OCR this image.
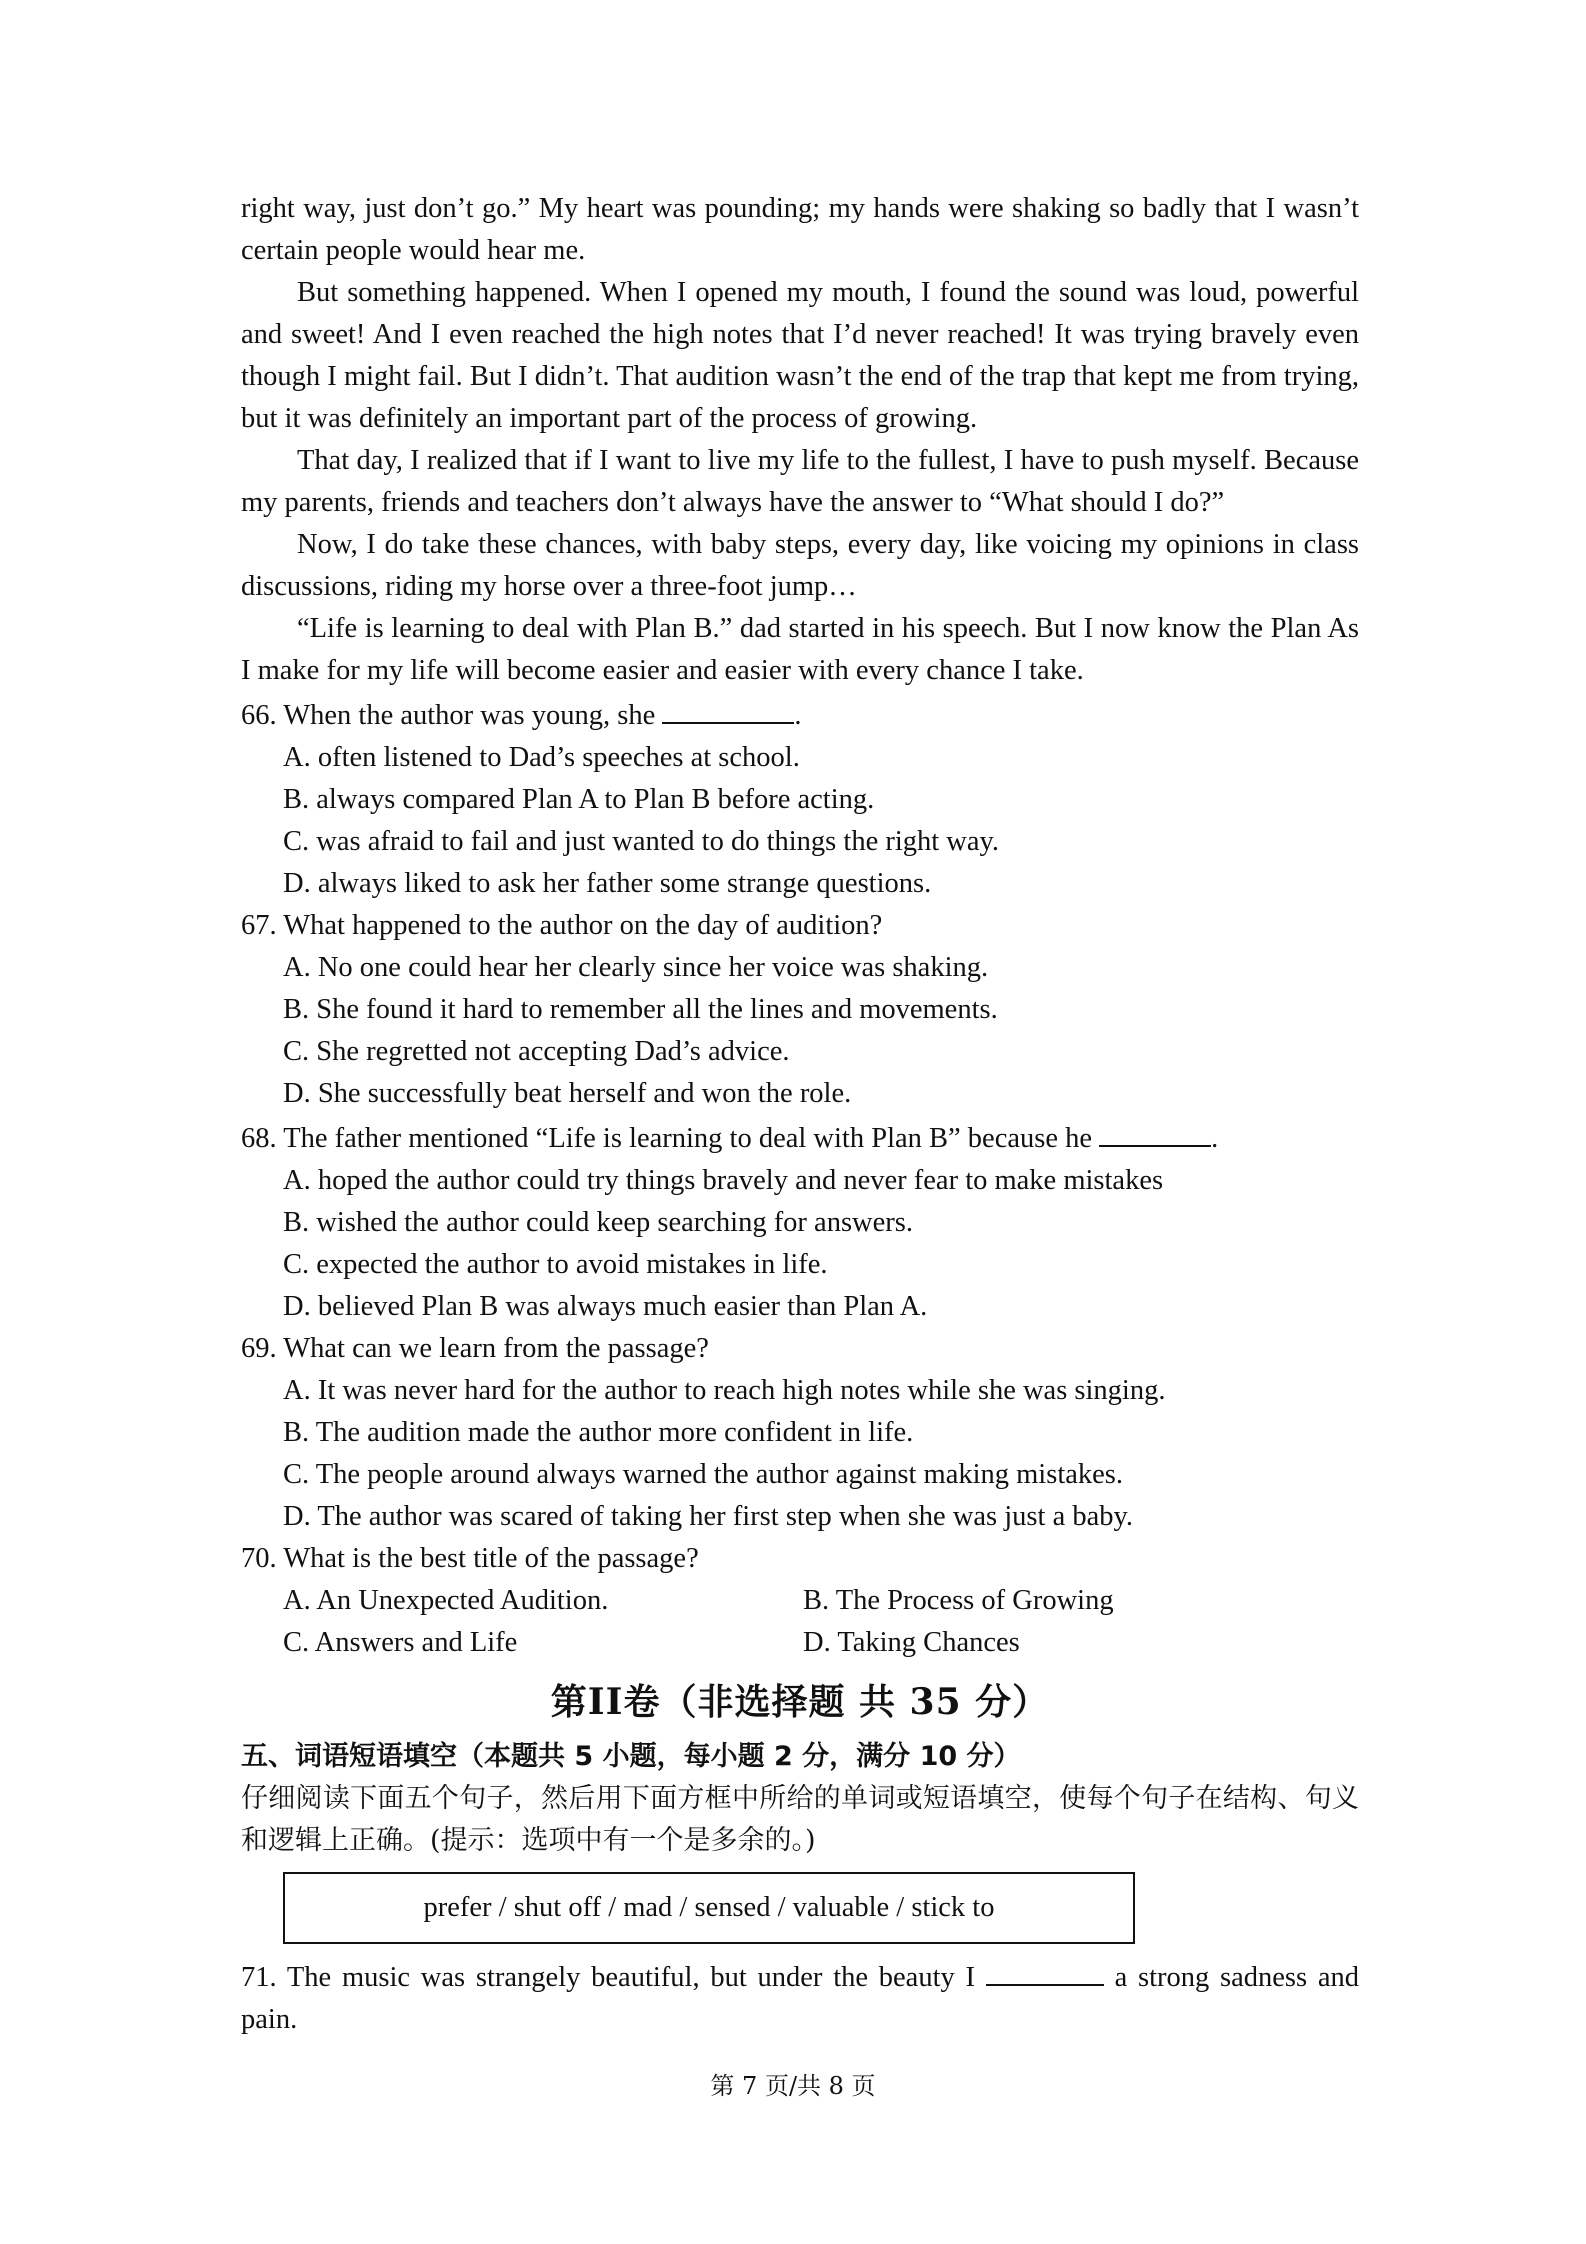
right way, just don’t go.” My heart was pounding; my hands were shaking so badly that I wasn’t certain people would hear me.

But something happened. When I opened my mouth, I found the sound was loud, powerful and sweet! And I even reached the high notes that I’d never reached! It was trying bravely even though I might fail. But I didn’t. That audition wasn’t the end of the trap that kept me from trying, but it was definitely an important part of the process of growing.

That day, I realized that if I want to live my life to the fullest, I have to push myself. Because my parents, friends and teachers don’t always have the answer to “What should I do?”

Now, I do take these chances, with baby steps, every day, like voicing my opinions in class discussions, riding my horse over a three-foot jump…

“Life is learning to deal with Plan B.” dad started in his speech. But I now know the Plan As I make for my life will become easier and easier with every chance I take.

66. When the author was young, she	.

A. often listened to Dad’s speeches at school.

B. always compared Plan A to Plan B before acting.

C. was afraid to fail and just wanted to do things the right way.

D. always liked to ask her father some strange questions.

67. What happened to the author on the day of audition?

A. No one could hear her clearly since her voice was shaking.

B. She found it hard to remember all the lines and movements.

C. She regretted not accepting Dad’s advice.

D. She successfully beat herself and won the role.

68. The father mentioned “Life is learning to deal with Plan B” because he	.

A. hoped the author could try things bravely and never fear to make mistakes

B. wished the author could keep searching for answers.

C. expected the author to avoid mistakes in life.

D. believed Plan B was always much easier than Plan A.

69. What can we learn from the passage?

A. It was never hard for the author to reach high notes while she was singing.

B. The audition made the author more confident in life.

C. The people around always warned the author against making mistakes.

D. The author was scared of taking her first step when she was just a baby.

70. What is the best title of the passage?

A. An Unexpected Audition.	B. The Process of Growing
C. Answers and Life	D. Taking Chances
第II卷（非选择题 共 35 分）

五、词语短语填空（本题共 5 小题，每小题 2 分，满分 10 分）

仔细阅读下面五个句子，然后用下面方框中所给的单词或短语填空，使每个句子在结构、句义和逻辑上正确。(提示：选项中有一个是多余的。)

prefer / shut off / mad / sensed / valuable / stick to

71. The music was strangely beautiful, but under the beauty I	a strong sadness and pain.

第 7 页/共 8 页
